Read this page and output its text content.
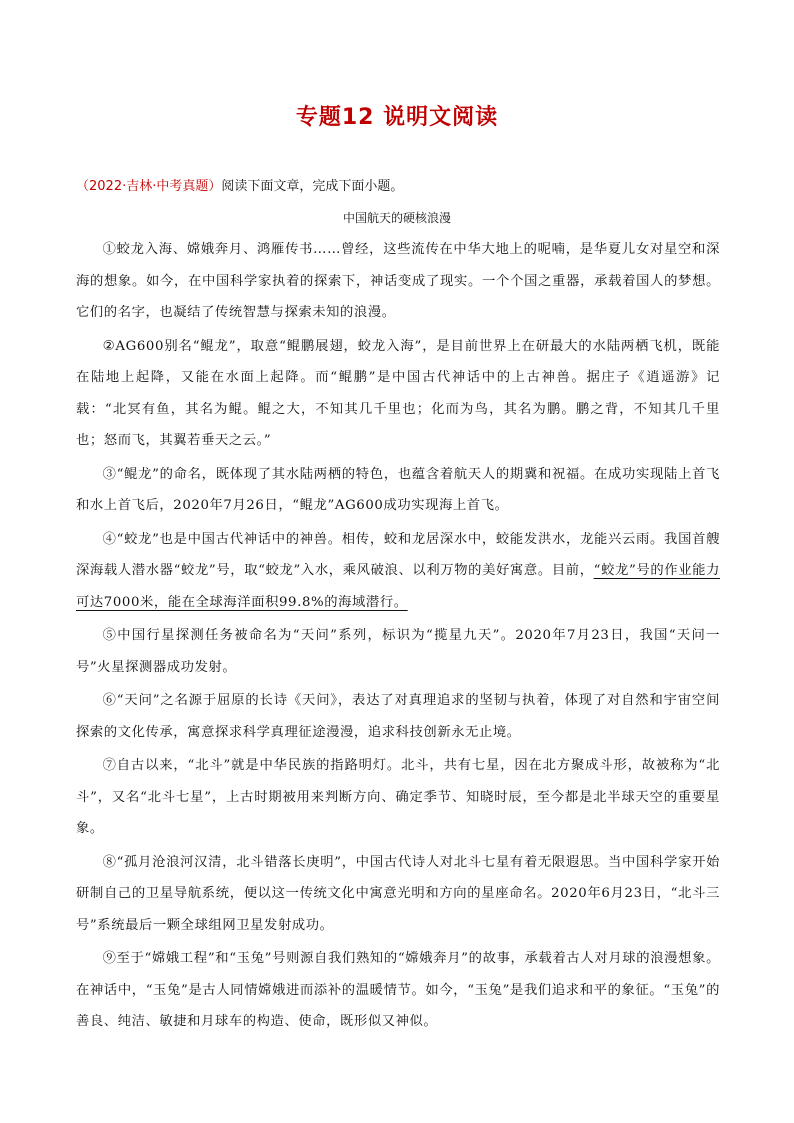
专题12 说明文阅读
（2022·吉林·中考真题）阅读下面文章，完成下面小题。
中国航天的硬核浪漫

①蛟龙入海、嫦娥奔月、鸿雁传书……曾经，这些流传在中华大地上的呢喃，是华夏儿女对星空和深海的想象。如今，在中国科学家执着的探索下，神话变成了现实。一个个国之重器，承载着国人的梦想。它们的名字，也凝结了传统智慧与探索未知的浪漫。

②AG600别名“鲲龙”，取意“鲲鹏展翅，蛟龙入海”，是目前世界上在研最大的水陆两栖飞机，既能在陆地上起降，又能在水面上起降。而“鲲鹏”是中国古代神话中的上古神兽。据庄子《逍遥游》记载：“北冥有鱼，其名为鲲。鲲之大，不知其几千里也；化而为鸟，其名为鹏。鹏之背，不知其几千里也；怒而飞，其翼若垂天之云。”

③“鲲龙”的命名，既体现了其水陆两栖的特色，也蕴含着航天人的期冀和祝福。在成功实现陆上首飞和水上首飞后，2020年7月26日，“鲲龙”AG600成功实现海上首飞。

④“蛟龙”也是中国古代神话中的神兽。相传，蛟和龙居深水中，蛟能发洪水，龙能兴云雨。我国首艘深海载人潜水器“蛟龙”号，取“蛟龙”入水，乘风破浪、以利万物的美好寓意。目前，“蛟龙”号的作业能力可达7000米，能在全球海洋面积99.8%的海域潜行。

⑤中国行星探测任务被命名为“天问”系列，标识为“揽星九天”。2020年7月23日，我国“天问一号”火星探测器成功发射。

⑥“天问”之名源于屈原的长诗《天问》，表达了对真理追求的坚韧与执着，体现了对自然和宇宙空间探索的文化传承，寓意探求科学真理征途漫漫，追求科技创新永无止境。

⑦自古以来，“北斗”就是中华民族的指路明灯。北斗，共有七星，因在北方聚成斗形，故被称为“北斗”，又名“北斗七星”，上古时期被用来判断方向、确定季节、知晓时辰，至今都是北半球天空的重要星象。

⑧“孤月沧浪河汉清，北斗错落长庚明”，中国古代诗人对北斗七星有着无限遐思。当中国科学家开始研制自己的卫星导航系统，便以这一传统文化中寓意光明和方向的星座命名。2020年6月23日，“北斗三号”系统最后一颗全球组网卫星发射成功。

⑨至于“嫦娥工程”和“玉兔”号则源自我们熟知的“嫦娥奔月”的故事，承载着古人对月球的浪漫想象。在神话中，“玉兔”是古人同情嫦娥进而添补的温暖情节。如今，“玉兔”是我们追求和平的象征。“玉兔”的善良、纯洁、敏捷和月球车的构造、使命，既形似又神似。
